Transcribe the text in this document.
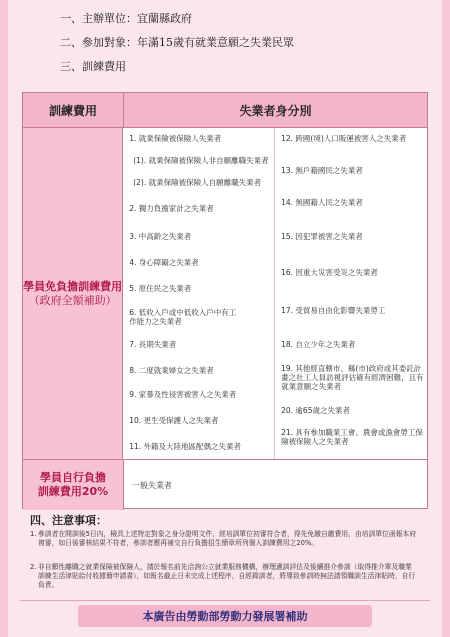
一、主辦單位：宜蘭縣政府
二、參加對象：年滿15歲有就業意願之失業民眾
三、訓練費用
訓練費用	失業者身分別
學員免負擔訓練費用
（政府全額補助）
1. 就業保險被保險人失業者
(1). 就業保險被保險人非自願離職失業者
(2). 就業保險被保險人自願離職失業者
2. 獨力負擔家計之失業者
3. 中高齡之失業者
4. 身心障礙之失業者
5. 原住民之失業者
6. 低收入戶或中低收入戶中有工作能力之失業者
7. 長期失業者
8. 二度就業婦女之失業者
9. 家暴及性侵害被害人之失業者
10. 更生受保護人之失業者
11. 外籍及大陸地區配偶之失業者
12. 跨國(境)人口販運被害人之失業者
13. 無戶籍國民之失業者
14. 無國籍人民之失業者
15. 因犯罪被害之失業者
16. 因重大災害受災之失業者
17. 受貿易自由化影響失業勞工
18. 自立少年之失業者
19. 其他經直轄市、縣(市)政府或其委託計畫之社工人員訪視評估確有經濟困難，且有就業意願之失業者
20. 逾65歲之失業者
21. 具有參加職業工會、農會或漁會勞工保險被保險人之失業者
學員自行負擔
訓練費用20%	一般失業者
四、注意事項：
1. 參訓者在開訓後5日內，檢具上述特定對象之身分證明文件，經培訓單位初審符合者，得先免繳自繳費用，由培訓單位函報本府複審，如日後審核結果不符者，參訓者應再補交自行負擔招生簡章所列個人訓練費用之20%。
2. 非自願性離職之就業保險被保險人，請於報名前先洽詢公立就業服務機構，辦理適訓評估及後續推介參訓（取得推介單及職業訓練生活津貼給付收據簡申請書），如報名截止日未完成上述程序，自經錄訓者，將導致參訓時無法請領職訓生活津貼時，自行負責。
本廣告由勞動部勞動力發展署補助
